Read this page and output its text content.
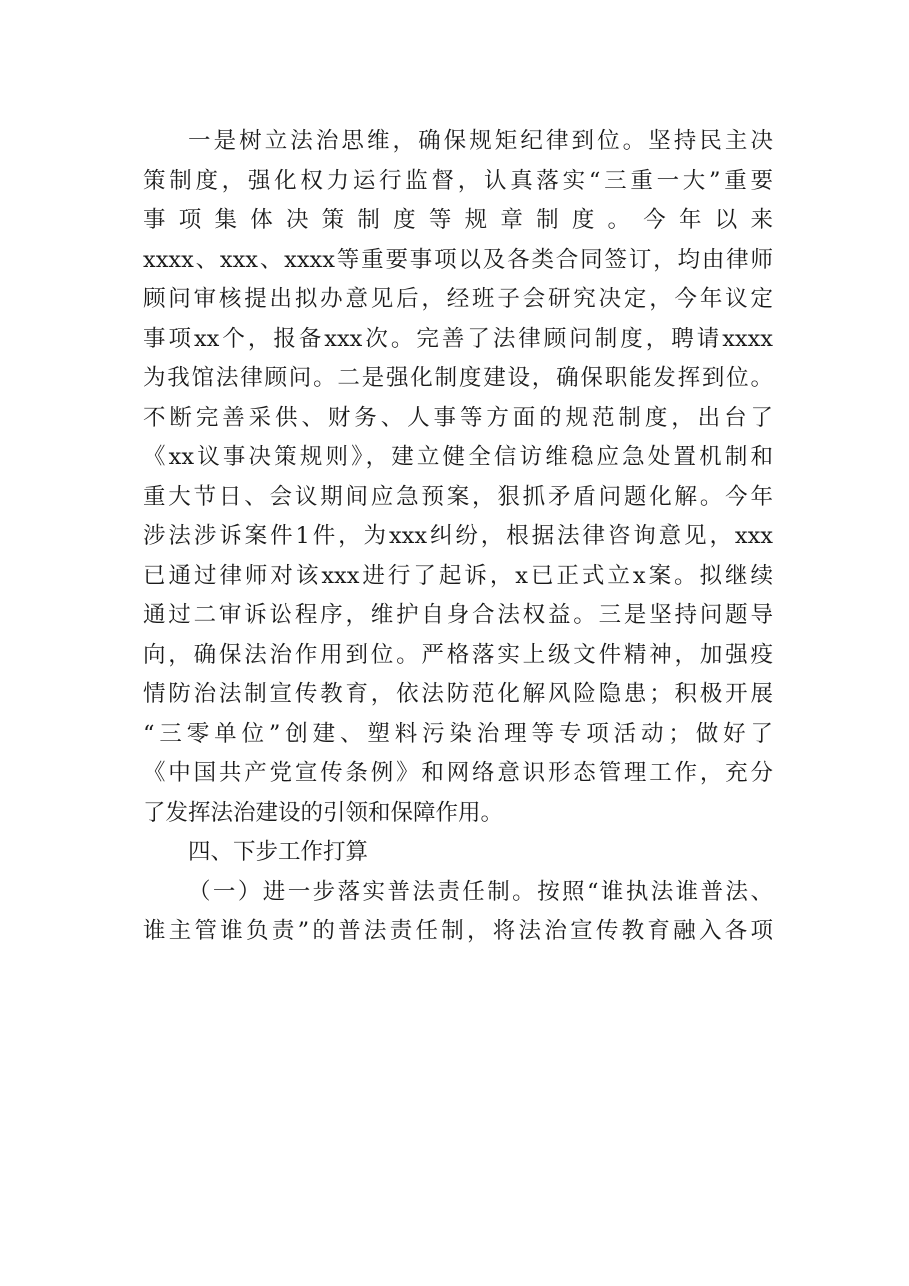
一是树立法治思维，确保规矩纪律到位。坚持民主决
策制度，强化权力运行监督，认真落实“三重一大”重要
事项集体决策制度等规章制度。今年以来
xxxx、xxx、xxxx等重要事项以及各类合同签订，均由律师
顾问审核提出拟办意见后，经班子会研究决定，今年议定
事项xx个，报备xxx次。完善了法律顾问制度，聘请xxxx
为我馆法律顾问。二是强化制度建设，确保职能发挥到位。
不断完善采供、财务、人事等方面的规范制度，出台了
《xx议事决策规则》，建立健全信访维稳应急处置机制和
重大节日、会议期间应急预案，狠抓矛盾问题化解。今年
涉法涉诉案件1件，为xxx纠纷，根据法律咨询意见，xxx
已通过律师对该xxx进行了起诉，x已正式立x案。拟继续
通过二审诉讼程序，维护自身合法权益。三是坚持问题导
向，确保法治作用到位。严格落实上级文件精神，加强疫
情防治法制宣传教育，依法防范化解风险隐患；积极开展
“三零单位”创建、塑料污染治理等专项活动；做好了
《中国共产党宣传条例》和网络意识形态管理工作，充分
了发挥法治建设的引领和保障作用。
四、下步工作打算
（一）进一步落实普法责任制。按照“谁执法谁普法、
谁主管谁负责”的普法责任制，将法治宣传教育融入各项
